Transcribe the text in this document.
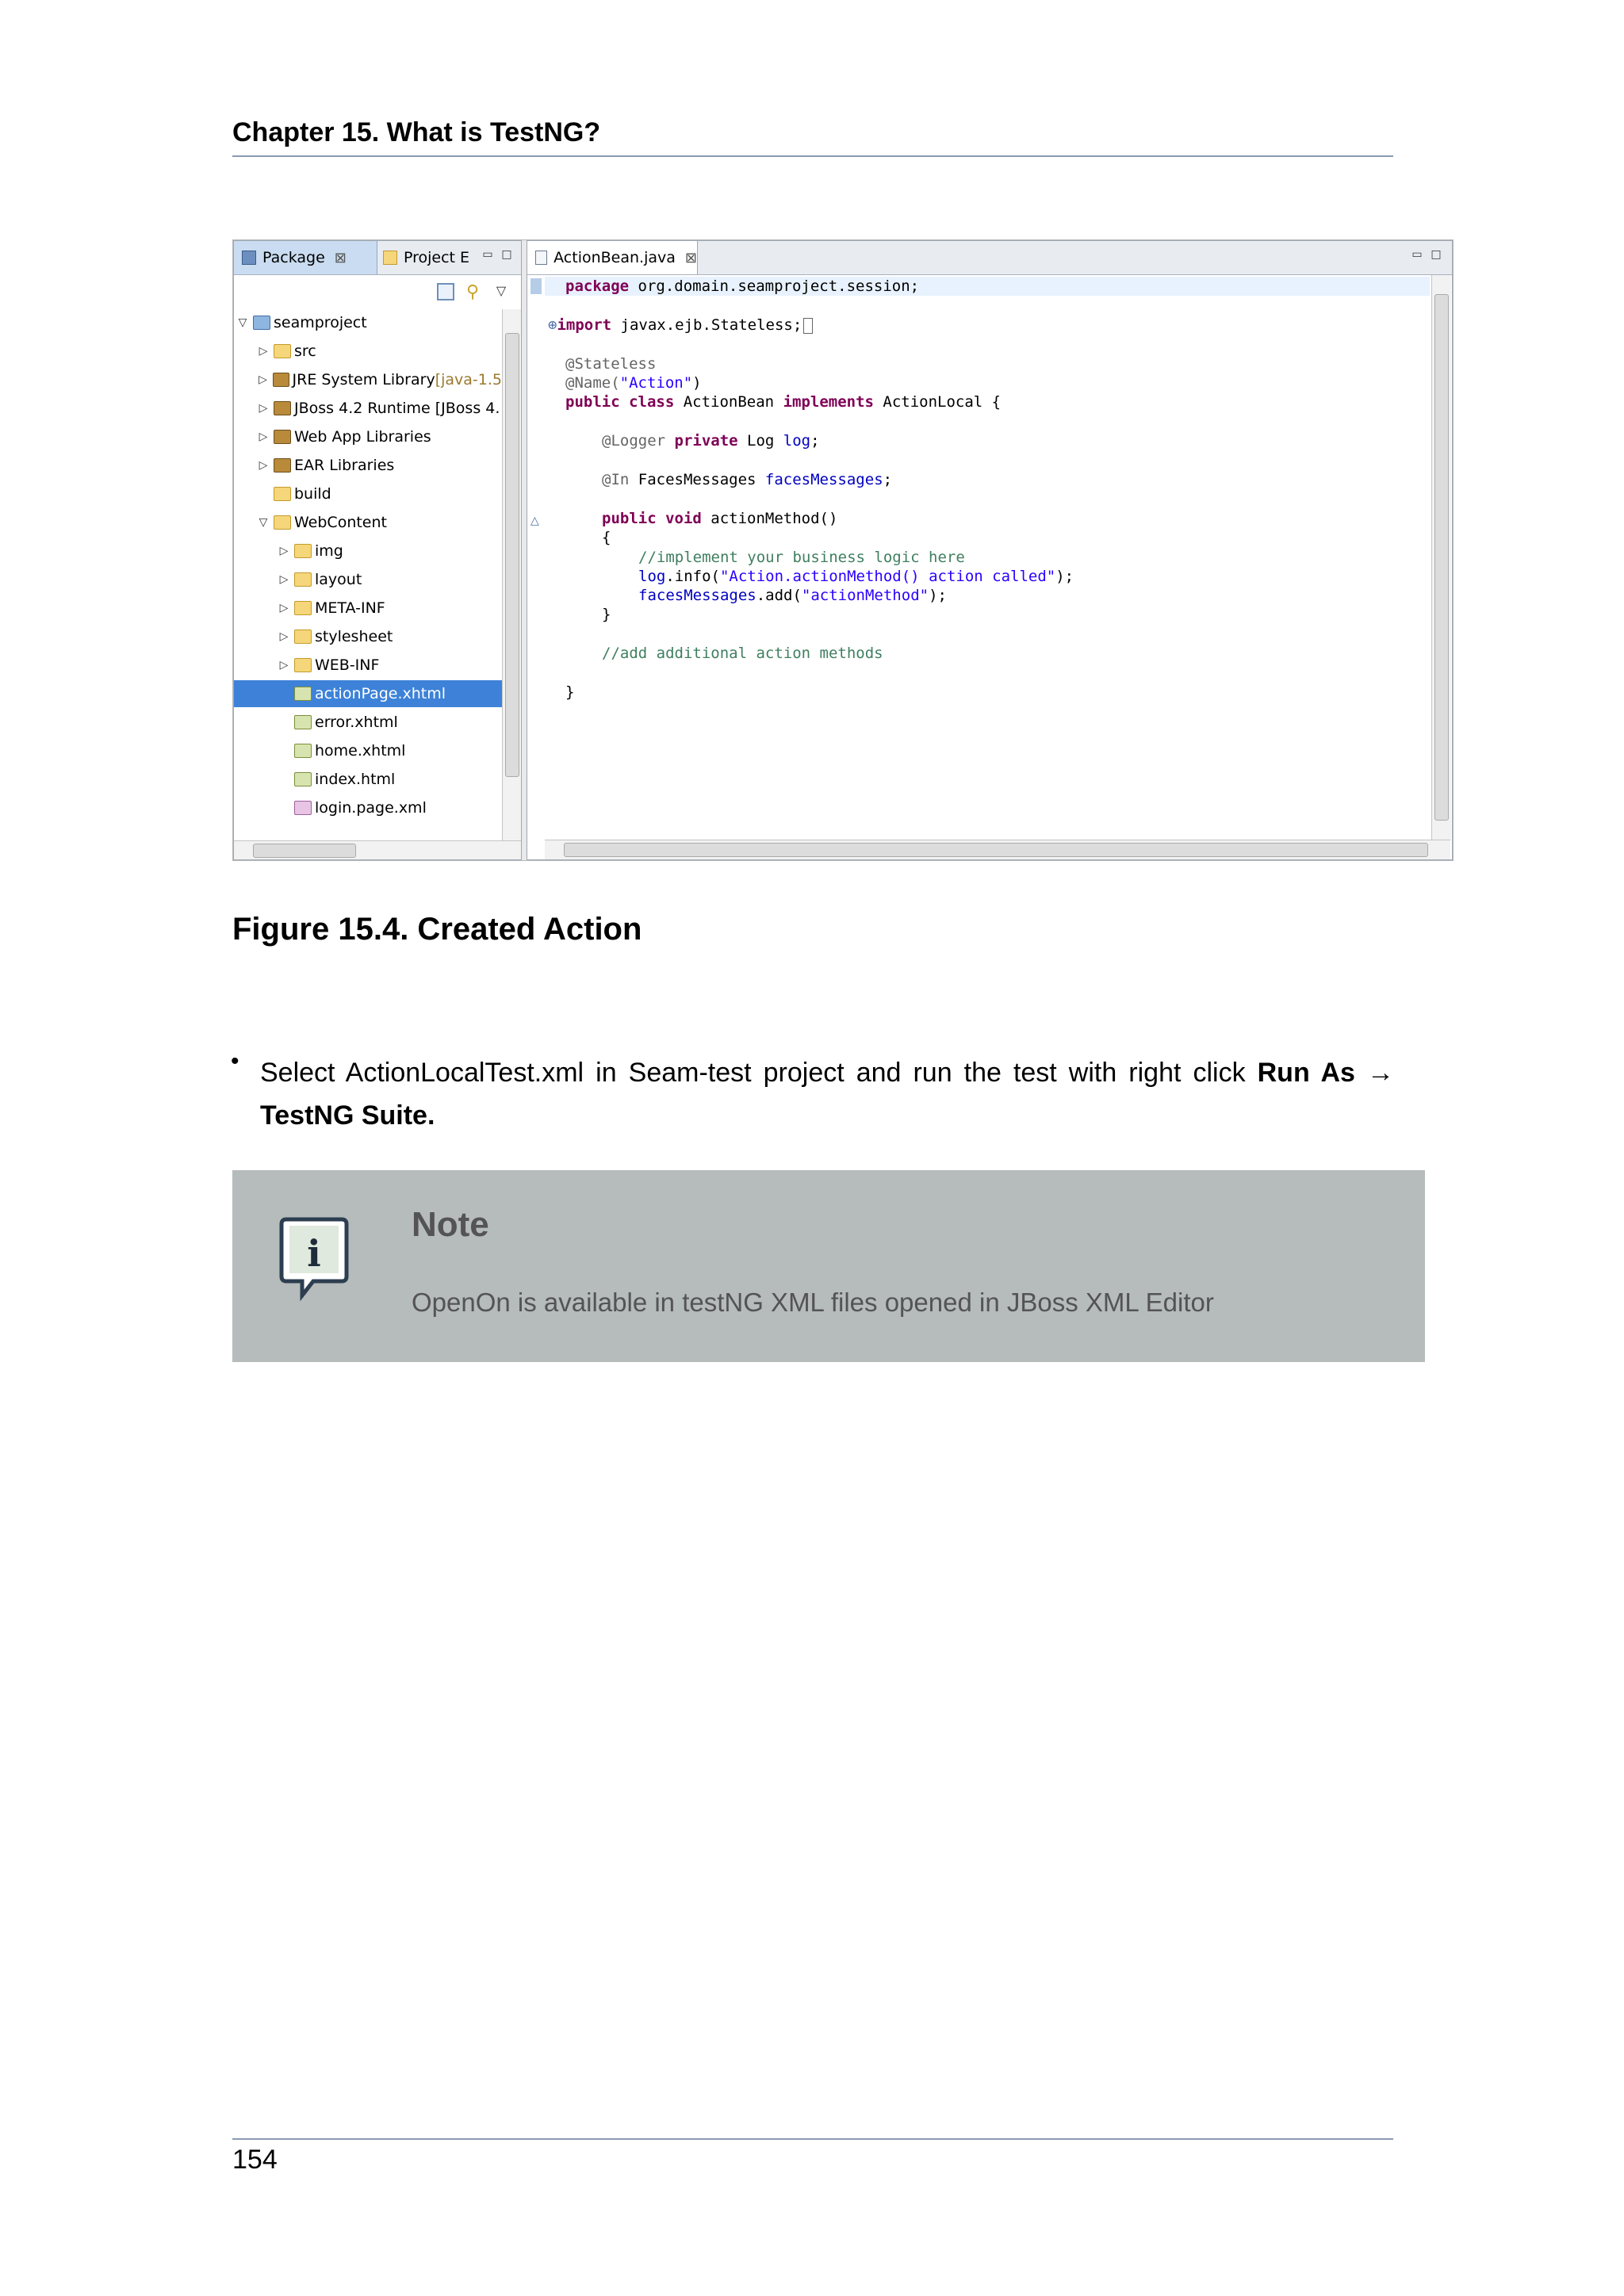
Chapter 15. What is TestNG?
Package ⊠	Project E ▭ □
⚲	▽
▽ seamproject
▷ src
▷ JRE System Library [java-1.5
▷ JBoss 4.2 Runtime [JBoss 4.
▷ Web App Libraries
▷ EAR Libraries
build
▽ WebContent
▷ img
▷ layout
▷ META-INF
▷ stylesheet
▷ WEB-INF
actionPage.xhtml
error.xhtml
home.xhtml
index.html
login.page.xml
ActionBean.java ⊠	▭ □
△

package org.domain.seamproject.session;

⊕import javax.ejb.Stateless;

@Stateless

@Name("Action")

public class ActionBean implements ActionLocal {

@Logger private Log log;

@In FacesMessages facesMessages;

public void actionMethod()

{

//implement your business logic here

log.info("Action.actionMethod() action called");

facesMessages.add("actionMethod");

}

//add additional action methods

}

Figure 15.4. Created Action
• Select ActionLocalTest.xml in Seam-test project and run the test with right click Run As → TestNG Suite.
i
Note
OpenOn is available in testNG XML files opened in JBoss XML Editor
154
